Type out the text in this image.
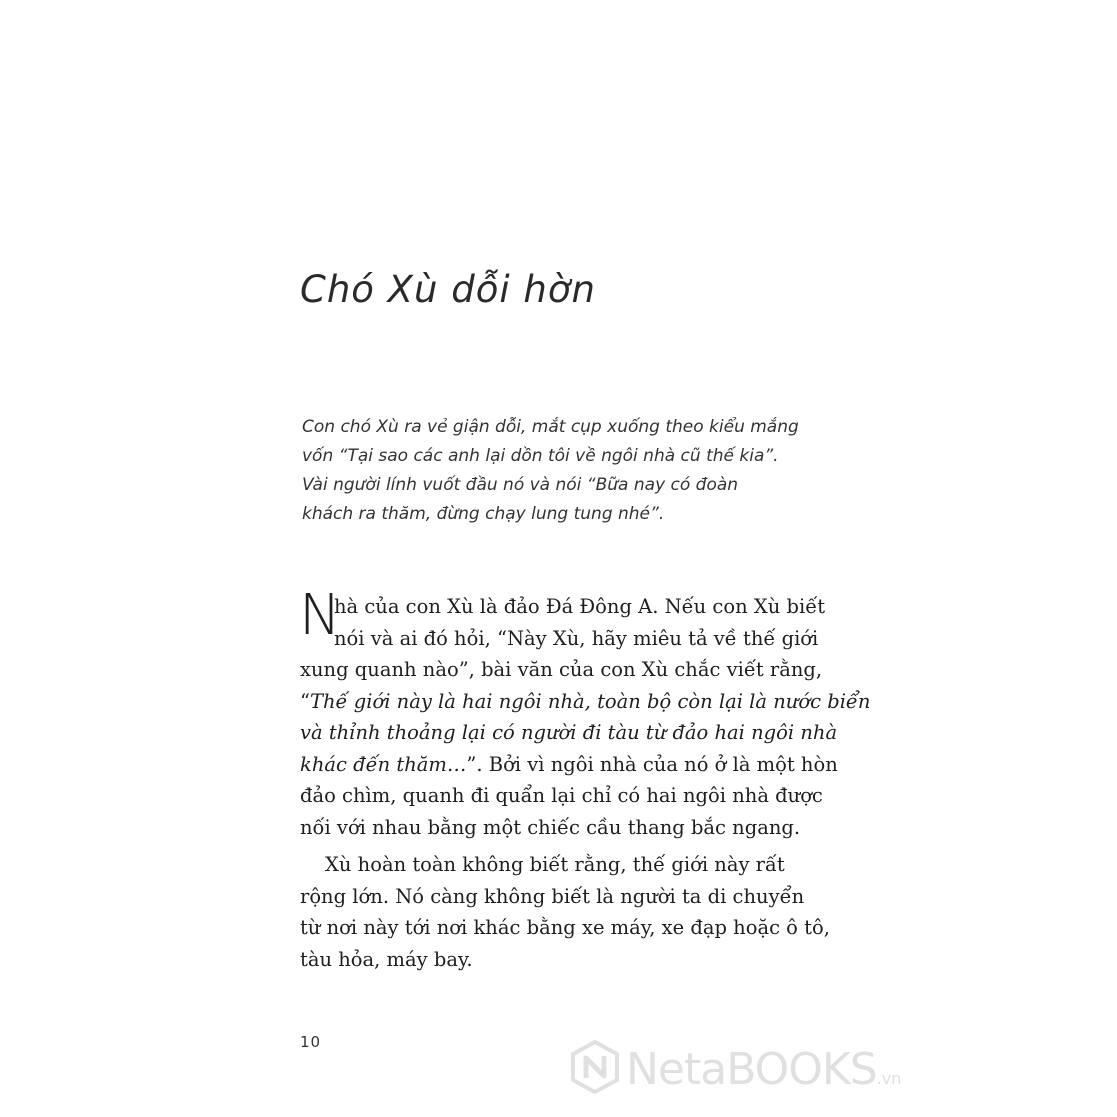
Chó Xù dỗi hờn
Con chó Xù ra vẻ giận dỗi, mắt cụp xuống theo kiểu mắng
vốn “Tại sao các anh lại dồn tôi về ngôi nhà cũ thế kia”.
Vài người lính vuốt đầu nó và nói “Bữa nay có đoàn
khách ra thăm, đừng chạy lung tung nhé”.
N
hà của con Xù là đảo Đá Đông A. Nếu con Xù biết
nói và ai đó hỏi, “Này Xù, hãy miêu tả về thế giới
xung quanh nào”, bài văn của con Xù chắc viết rằng,
“Thế giới này là hai ngôi nhà, toàn bộ còn lại là nước biển
và thỉnh thoảng lại có người đi tàu từ đảo hai ngôi nhà
khác đến thăm…”. Bởi vì ngôi nhà của nó ở là một hòn
đảo chìm, quanh đi quẩn lại chỉ có hai ngôi nhà được
nối với nhau bằng một chiếc cầu thang bắc ngang.
Xù hoàn toàn không biết rằng, thế giới này rất
rộng lớn. Nó càng không biết là người ta di chuyển
từ nơi này tới nơi khác bằng xe máy, xe đạp hoặc ô tô,
tàu hỏa, máy bay.
10
NetaBOOKS.vn
